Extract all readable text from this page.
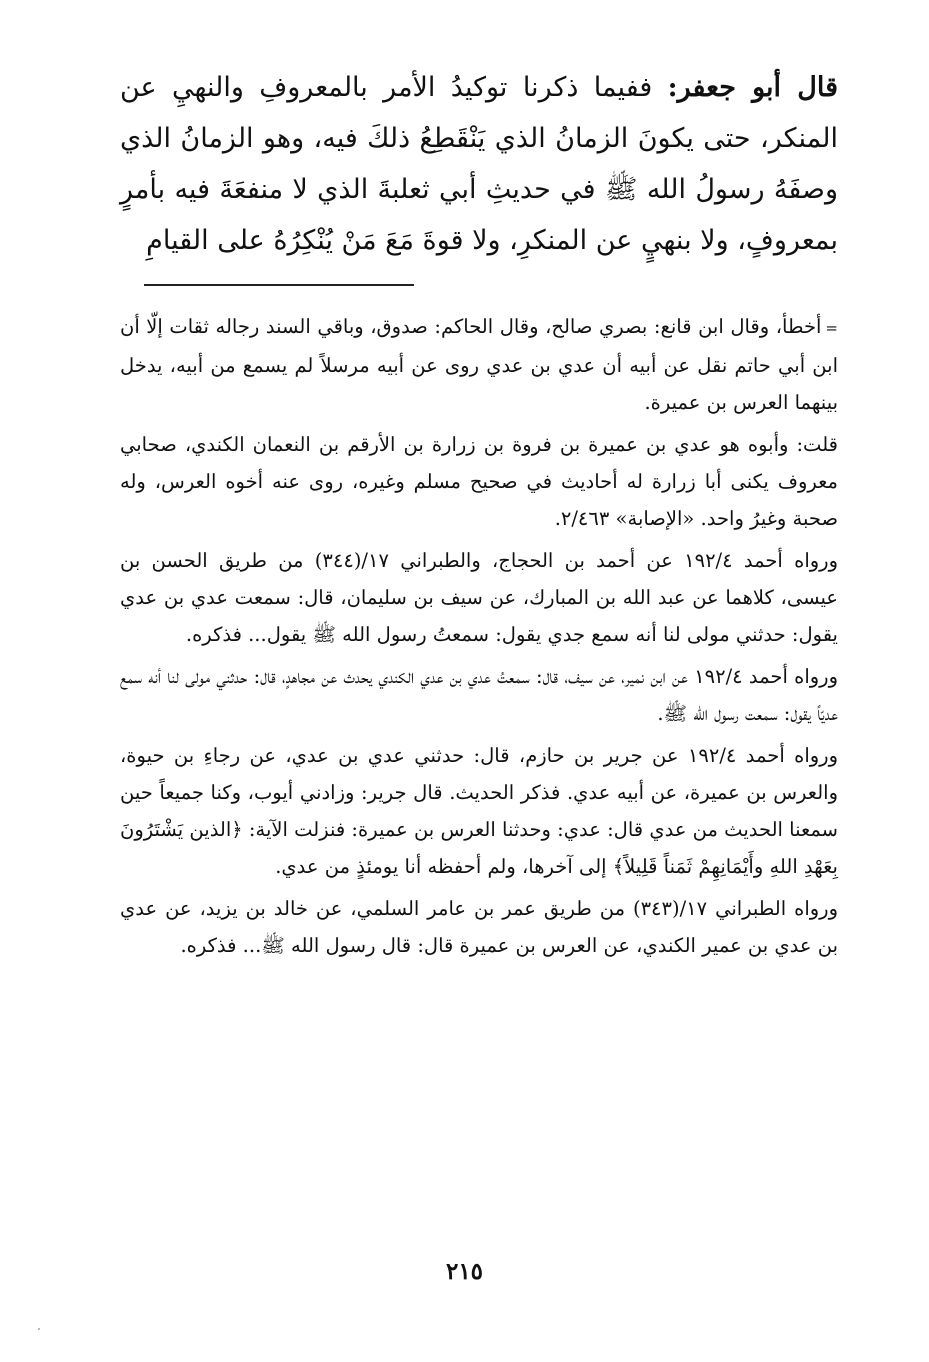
قال أبو جعفر: ففيما ذكرنا توكيدُ الأمر بالمعروفِ والنهيِ عن المنكر، حتى يكونَ الزمانُ الذي يَنْقَطِعُ ذلكَ فيه، وهو الزمانُ الذي وصفَهُ رسولُ الله ﷺ في حديثِ أبي ثعلبةَ الذي لا منفعَةَ فيه بأمرٍ بمعروفٍ، ولا بنهيٍ عن المنكرِ، ولا قوةَ مَعَ مَنْ يُنْكِرُهُ على القيامِ

=أخطأ، وقال ابن قانع: بصري صالح، وقال الحاكم: صدوق، وباقي السند رجاله ثقات إلّا أن ابن أبي حاتم نقل عن أبيه أن عدي بن عدي روى عن أبيه مرسلاً لم يسمع من أبيه، يدخل بينهما العرس بن عميرة.

قلت: وأبوه هو عدي بن عميرة بن فروة بن زرارة بن الأرقم بن النعمان الكندي، صحابي معروف يكنى أبا زرارة له أحاديث في صحيح مسلم وغيره، روى عنه أخوه العرس، وله صحبة وغيرُ واحد. «الإصابة» ٢/٤٦٣.

ورواه أحمد ١٩٢/٤ عن أحمد بن الحجاج، والطبراني ١٧/(٣٤٤) من طريق الحسن بن عيسى، كلاهما عن عبد الله بن المبارك، عن سيف بن سليمان، قال: سمعت عدي بن عدي يقول: حدثني مولى لنا أنه سمع جدي يقول: سمعتُ رسول الله ﷺ يقول... فذكره.

ورواه أحمد ١٩٢/٤ عن ابن نمير، عن سيف، قال: سمعتُ عدي بن عدي الكندي يحدث عن مجاهدٍ، قال: حدثني مولى لنا أنه سمع عديّاً يقول: سمعت رسول الله ﷺ.

ورواه أحمد ١٩٢/٤ عن جرير بن حازم، قال: حدثني عدي بن عدي، عن رجاءِ بن حيوة، والعرس بن عميرة، عن أبيه عدي. فذكر الحديث. قال جرير: وزادني أيوب، وكنا جميعاً حين سمعنا الحديث من عدي قال: عدي: وحدثنا العرس بن عميرة: فنزلت الآية: ﴿الذين يَشْتَرُونَ بِعَهْدِ اللهِ وأَيْمَانِهِمْ ثَمَناً قَلِيلاً﴾ إلى آخرها، ولم أحفظه أنا يومئذٍ من عدي.

ورواه الطبراني ١٧/(٣٤٣) من طريق عمر بن عامر السلمي، عن خالد بن يزيد، عن عدي بن عدي بن عمير الكندي، عن العرس بن عميرة قال: قال رسول الله ﷺ... فذكره.

٢١٥
